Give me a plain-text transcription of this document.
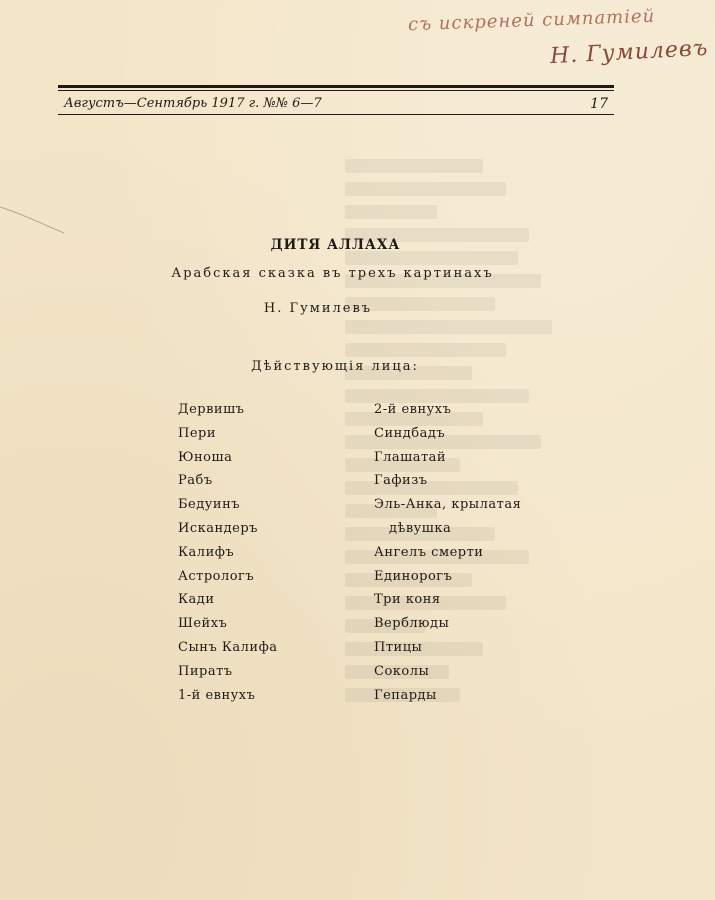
съ искреней симпатіей
Н. Гумилевъ
Августъ—Сентябрь 1917 г. №№ 6—7	17
ДИТЯ АЛЛАХА
Арабская сказка въ трехъ картинахъ
Н. Гумилевъ
Дѣйствующія лица:
Дервишъ
Пери
Юноша
Рабъ
Бедуинъ
Искандеръ
Калифъ
Астрологъ
Кади
Шейхъ
Сынъ Калифа
Пиратъ
1-й евнухъ
2-й евнухъ
Синдбадъ
Глашатай
Гафизъ
Эль-Анка, крылатая
дѣвушка
Ангелъ смерти
Единорогъ
Три коня
Верблюды
Птицы
Соколы
Гепарды
